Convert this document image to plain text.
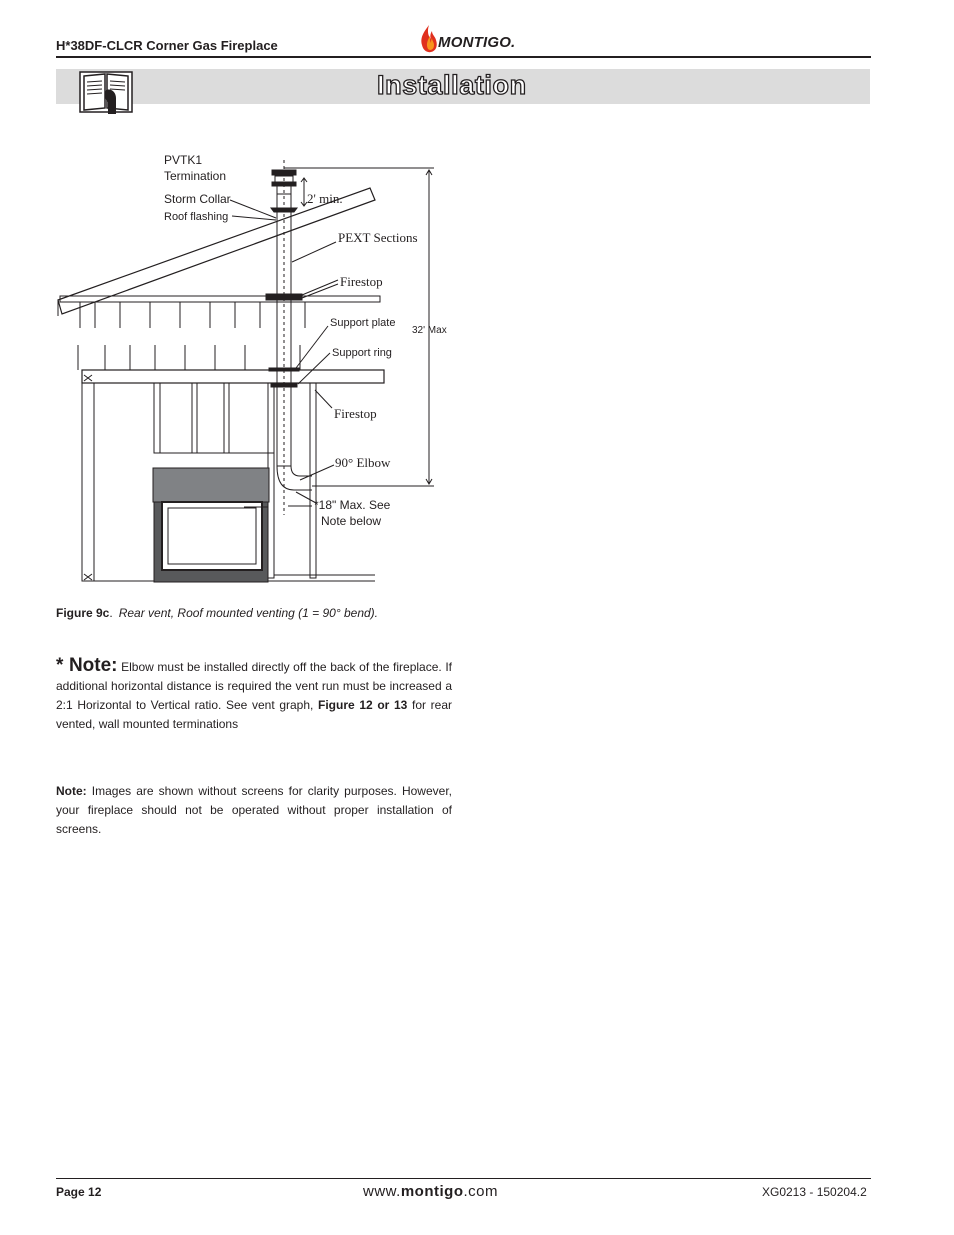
H*38DF-CLCR Corner Gas Fireplace	MONTIGO.
Installation
PVTK1
Termination
Storm Collar
Roof flashing
2' min.
PEXT Sections
Firestop
Support plate
32' Max
Support ring
Firestop
90° Elbow
*18" Max. See
Note below
Figure 9c. Rear vent, Roof mounted venting (1 = 90° bend).
* Note: Elbow must be installed directly off the back of the fireplace. If additional horizontal distance is required the vent run must be increased a 2:1 Horizontal to Vertical ratio. See vent graph, Figure 12 or 13 for rear vented, wall mounted terminations
Note: Images are shown without screens for clarity purposes. However, your fireplace should not be operated without proper installation of screens.
Page 12	www.montigo.com	XG0213 - 150204.2
